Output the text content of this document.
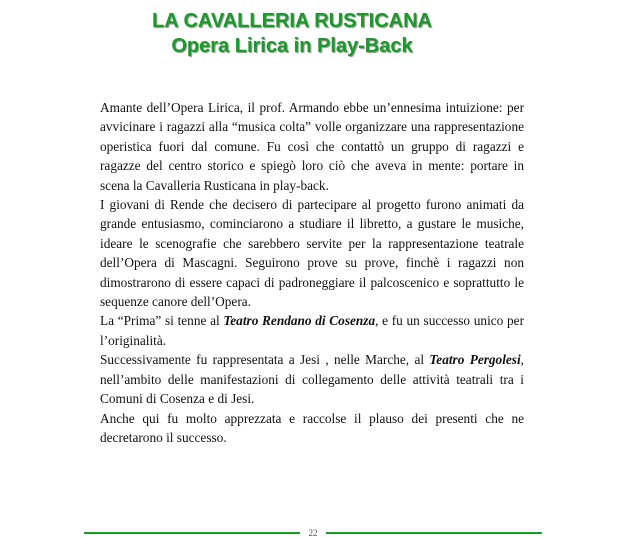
LA CAVALLERIA RUSTICANA
Opera Lirica in Play-Back

Amante dell’Opera Lirica, il prof. Armando ebbe un’ennesima intuizione: per avvicinare i ragazzi alla “musica colta” volle organizzare una rappresentazione operistica fuori dal comune. Fu così che contattò un gruppo di ragazzi e ragazze del centro storico e spiegò loro ciò che aveva in mente: portare in scena la Cavalleria Rusticana in play-back.

I giovani di Rende che decisero di partecipare al progetto furono animati da grande entusiasmo, cominciarono a studiare il libretto, a gustare le musiche, ideare le scenografie che sarebbero servite per la rappresentazione teatrale dell’Opera di Mascagni. Seguirono prove su prove, finchè i ragazzi non dimostrarono di essere capaci di padroneggiare il palcoscenico e soprattutto le sequenze canore dell’Opera.

La “Prima” si tenne al Teatro Rendano di Cosenza, e fu un successo unico per l’originalità.

Successivamente fu rappresentata a Jesi , nelle Marche, al Teatro Pergolesi, nell’ambito delle manifestazioni di collegamento delle attività teatrali tra i Comuni di Cosenza e di Jesi.

Anche qui fu molto apprezzata e raccolse il plauso dei presenti che ne decretarono il successo.

22
